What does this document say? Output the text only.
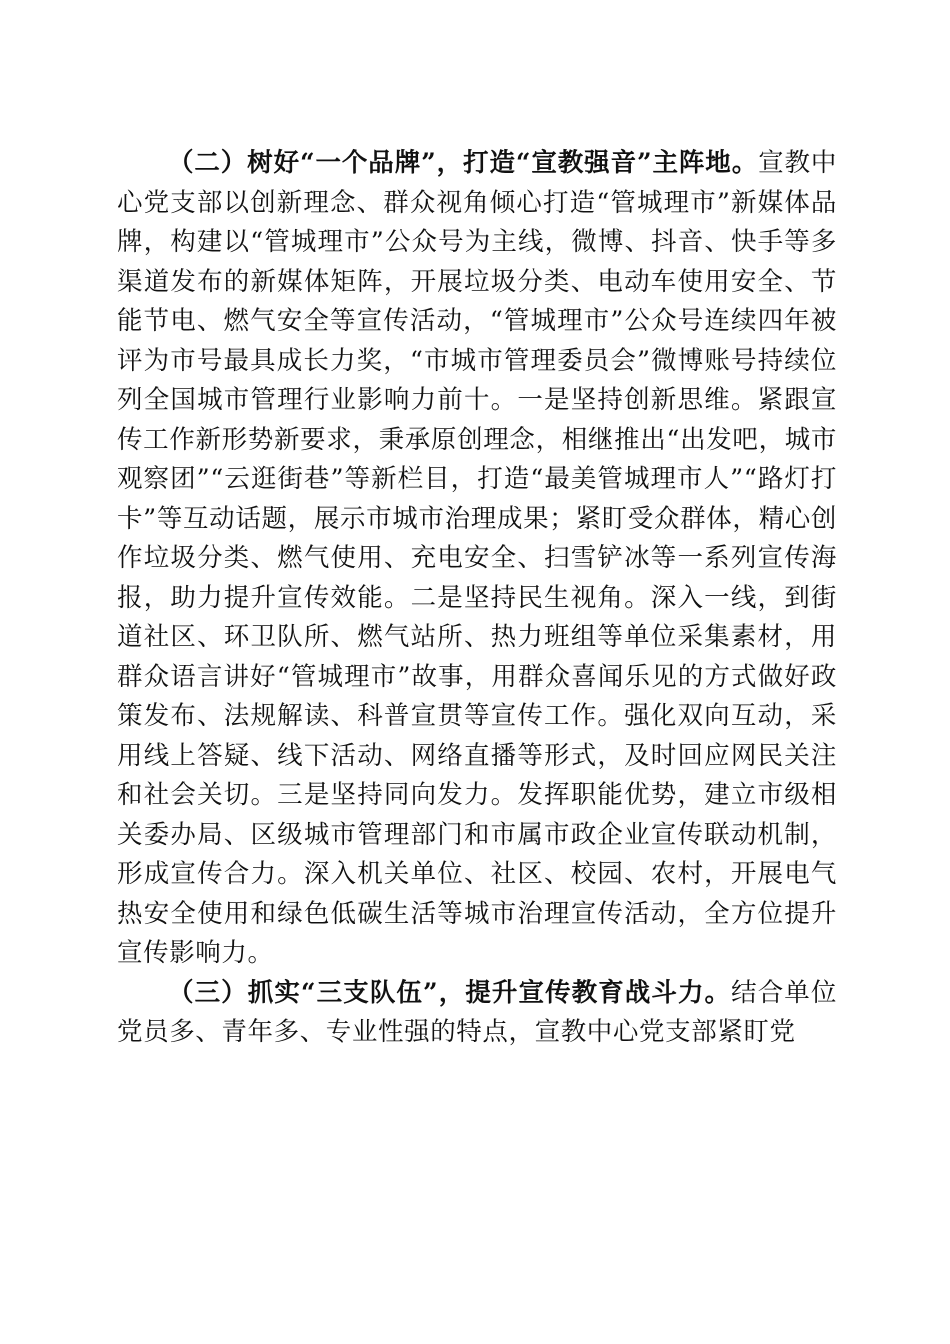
（二）树好“一个品牌”，打造“宣教强音”主阵地。宣教中心党支部以创新理念、群众视角倾心打造“管城理市”新媒体品牌，构建以“管城理市”公众号为主线，微博、抖音、快手等多渠道发布的新媒体矩阵，开展垃圾分类、电动车使用安全、节能节电、燃气安全等宣传活动，“管城理市”公众号连续四年被评为市号最具成长力奖，“市城市管理委员会”微博账号持续位列全国城市管理行业影响力前十。一是坚持创新思维。紧跟宣传工作新形势新要求，秉承原创理念，相继推出“出发吧，城市观察团”“云逛街巷”等新栏目，打造“最美管城理市人”“路灯打卡”等互动话题，展示市城市治理成果；紧盯受众群体，精心创作垃圾分类、燃气使用、充电安全、扫雪铲冰等一系列宣传海报，助力提升宣传效能。二是坚持民生视角。深入一线，到街道社区、环卫队所、燃气站所、热力班组等单位采集素材，用群众语言讲好“管城理市”故事，用群众喜闻乐见的方式做好政策发布、法规解读、科普宣贯等宣传工作。强化双向互动，采用线上答疑、线下活动、网络直播等形式，及时回应网民关注和社会关切。三是坚持同向发力。发挥职能优势，建立市级相关委办局、区级城市管理部门和市属市政企业宣传联动机制，形成宣传合力。深入机关单位、社区、校园、农村，开展电气热安全使用和绿色低碳生活等城市治理宣传活动，全方位提升宣传影响力。

（三）抓实“三支队伍”，提升宣传教育战斗力。结合单位党员多、青年多、专业性强的特点，宣教中心党支部紧盯党
